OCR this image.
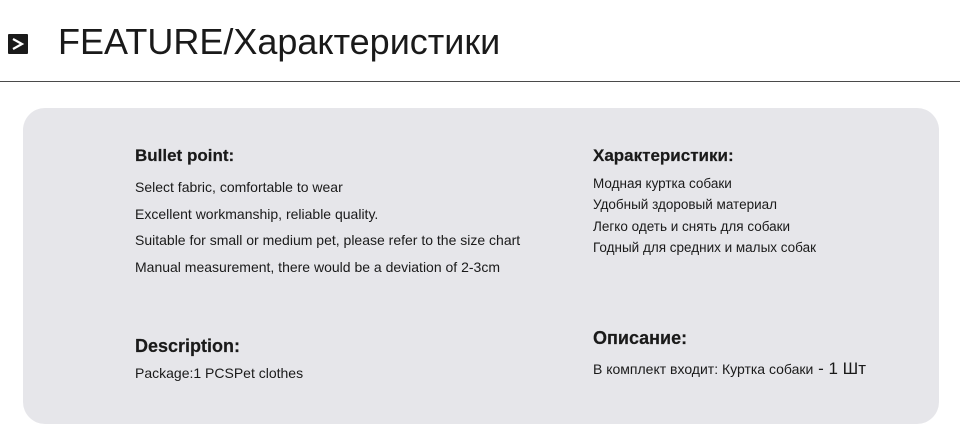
FEATURE/Характеристики
Bullet point:
Select fabric, comfortable to wear
Excellent workmanship, reliable quality.
Suitable for small or medium pet, please refer to the size chart
Manual measurement, there would be a deviation of 2-3cm
Характеристики:
Модная куртка собаки
Удобный здоровый материал
Легко одеть и снять для собаки
Годный для средних и малых собак
Description:
Package:1 PCSPet clothes
Описание:
В комплект входит: Куртка собаки - 1 Шт
